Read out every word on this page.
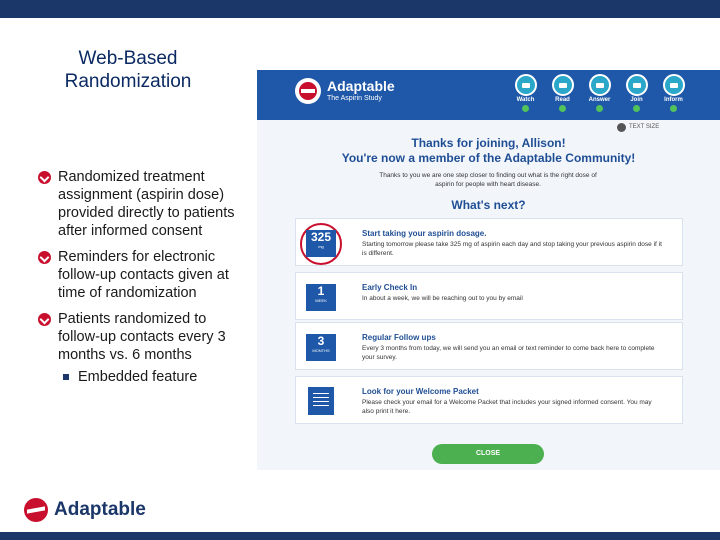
Web-Based
Randomization
Randomized treatment assignment (aspirin dose) provided directly to patients after informed consent
Reminders for electronic follow-up contacts given at time of randomization
Patients randomized to follow-up contacts every 3 months vs. 6 months
Embedded feature
Adaptable
Adaptable
The Aspirin Study	Watch	Read	Answer	Join	Inform
TEXT SIZE
Thanks for joining, Allison!
You're now a member of the Adaptable Community!
Thanks to you we are one step closer to finding out what is the right dose of aspirin for people with heart disease.
What's next?
325
mg
Start taking your aspirin dosage.
Starting tomorrow please take 325 mg of aspirin each day and stop taking your previous aspirin dose if it is different.
1
WEEK
Early Check In
In about a week, we will be reaching out to you by email
3
MONTHS
Regular Follow ups
Every 3 months from today, we will send you an email or text reminder to come back here to complete your survey.
Look for your Welcome Packet
Please check your email for a Welcome Packet that includes your signed informed consent. You may also print it here.
CLOSE
